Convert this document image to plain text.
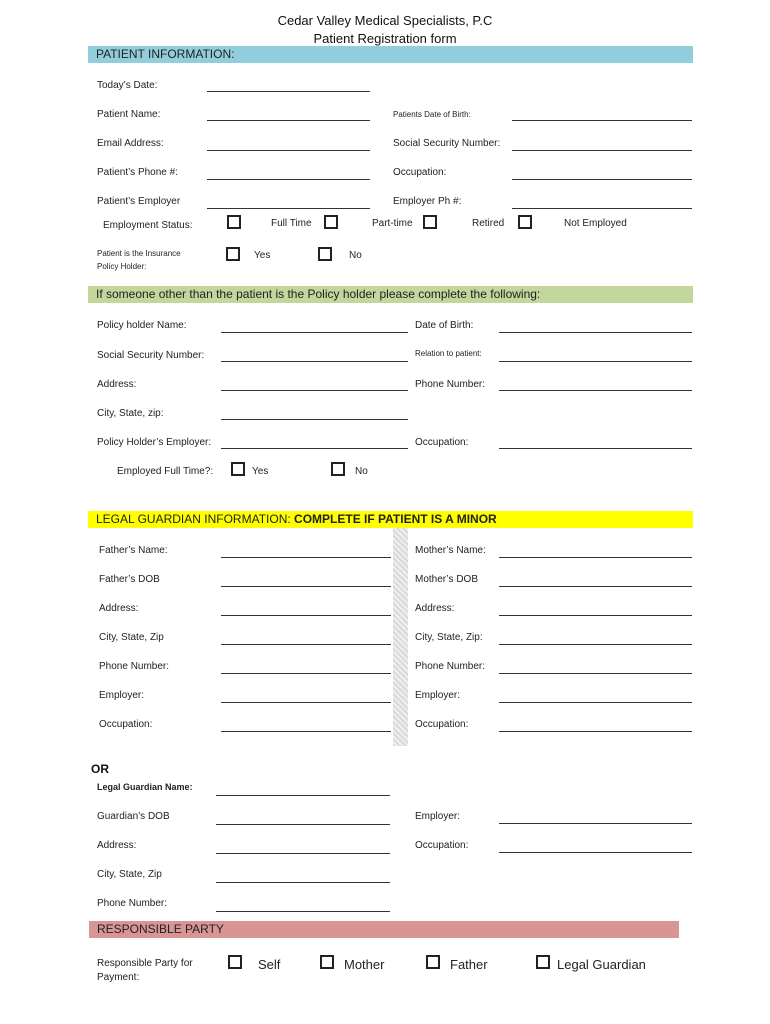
Cedar Valley Medical Specialists, P.C
Patient Registration form
PATIENT INFORMATION:
Today’s Date:
Patient Name:	Patients Date of Birth:
Email Address:	Social Security Number:
Patient’s Phone #:	Occupation:
Patient’s Employer	Employer Ph #:
Employment Status:	Full Time	Part-time	Retired	Not Employed
Patient is the Insurance
Policy Holder:
Yes	No
If someone other than the patient is the Policy holder please complete the following:
Policy holder Name:	Date of Birth:
Social Security Number:	Relation to patient:
Address:	Phone Number:
City, State, zip:
Policy Holder’s Employer:	Occupation:
Employed Full Time?:	Yes	No
LEGAL GUARDIAN INFORMATION: COMPLETE IF PATIENT IS A MINOR
Father’s Name:	Mother’s Name:
Father’s DOB	Mother’s DOB
Address:	Address:
City, State, Zip	City, State, Zip:
Phone Number:	Phone Number:
Employer:	Employer:
Occupation:	Occupation:
OR
Legal Guardian Name:
Guardian’s DOB	Employer:
Address:	Occupation:
City, State, Zip
Phone Number:
RESPONSIBLE PARTY
Responsible Party for
Payment:
Self	Mother	Father	Legal Guardian
